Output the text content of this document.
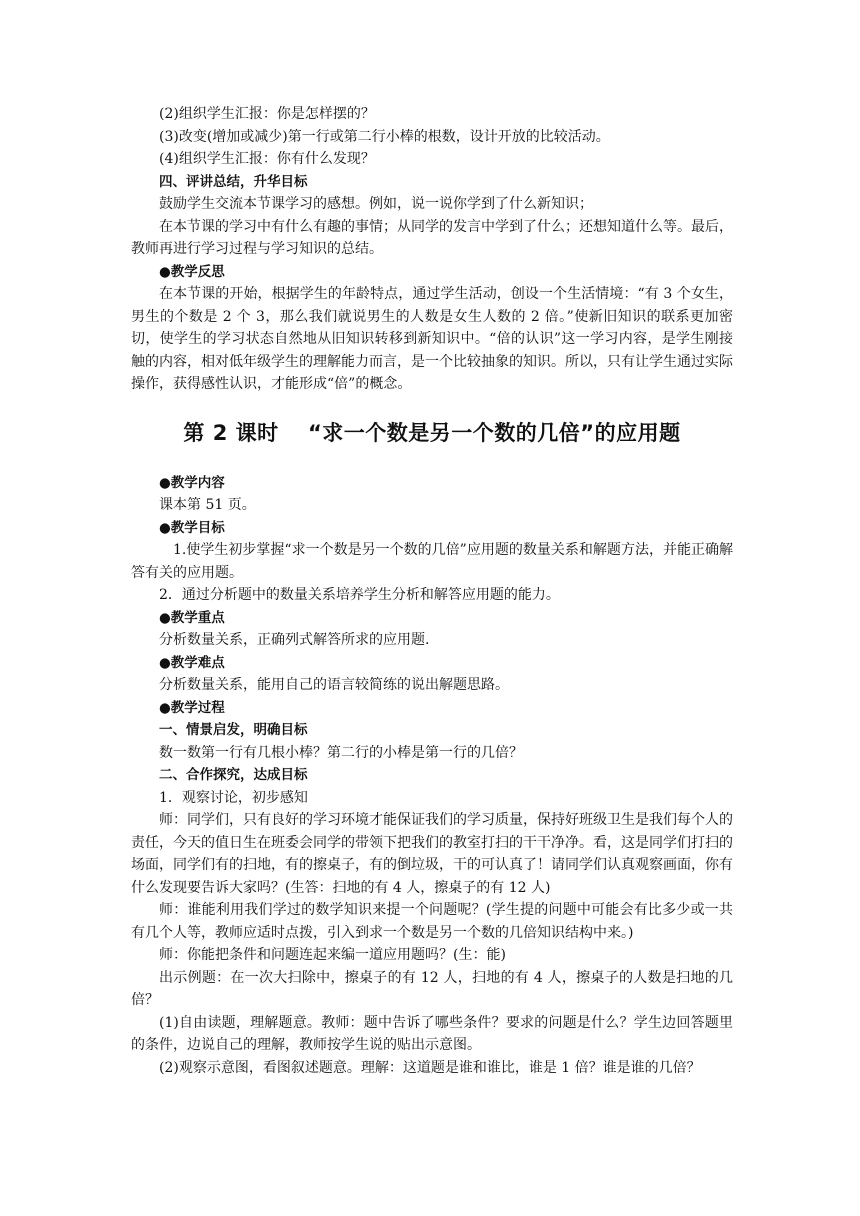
(2)组织学生汇报：你是怎样摆的？

(3)改变(增加或减少)第一行或第二行小棒的根数，设计开放的比较活动。

(4)组织学生汇报：你有什么发现？

四、评讲总结，升华目标

鼓励学生交流本节课学习的感想。例如，说一说你学到了什么新知识；

在本节课的学习中有什么有趣的事情；从同学的发言中学到了什么；还想知道什么等。最后，教师再进行学习过程与学习知识的总结。

●教学反思

在本节课的开始，根据学生的年龄特点，通过学生活动，创设一个生活情境：“有 3 个女生，男生的个数是 2 个 3，那么我们就说男生的人数是女生人数的 2 倍。”使新旧知识的联系更加密切，使学生的学习状态自然地从旧知识转移到新知识中。“倍的认识”这一学习内容，是学生刚接触的内容，相对低年级学生的理解能力而言，是一个比较抽象的知识。所以，只有让学生通过实际操作，获得感性认识，才能形成“倍”的概念。

第 2 课时　 “求一个数是另一个数的几倍”的应用题

●教学内容

课本第 51 页。

●教学目标

1.使学生初步掌握“求一个数是另一个数的几倍”应用题的数量关系和解题方法，并能正确解答有关的应用题。

2．通过分析题中的数量关系培养学生分析和解答应用题的能力。

●教学重点

分析数量关系，正确列式解答所求的应用题.

●教学难点

分析数量关系，能用自己的语言较简练的说出解题思路。

●教学过程

一、情景启发，明确目标

数一数第一行有几根小棒？第二行的小棒是第一行的几倍？

二、合作探究，达成目标

1．观察讨论，初步感知

师：同学们，只有良好的学习环境才能保证我们的学习质量，保持好班级卫生是我们每个人的责任，今天的值日生在班委会同学的带领下把我们的教室打扫的干干净净。看，这是同学们打扫的场面，同学们有的扫地，有的擦桌子，有的倒垃圾，干的可认真了！请同学们认真观察画面，你有什么发现要告诉大家吗？(生答：扫地的有 4 人，擦桌子的有 12 人)

师：谁能利用我们学过的数学知识来提一个问题呢？(学生提的问题中可能会有比多少或一共有几个人等，教师应适时点拨，引入到求一个数是另一个数的几倍知识结构中来。)

师：你能把条件和问题连起来编一道应用题吗？(生：能)

出示例题：在一次大扫除中，擦桌子的有 12 人，扫地的有 4 人，擦桌子的人数是扫地的几倍？

(1)自由读题，理解题意。教师：题中告诉了哪些条件？要求的问题是什么？学生边回答题里的条件，边说自己的理解，教师按学生说的贴出示意图。

(2)观察示意图，看图叙述题意。理解：这道题是谁和谁比，谁是 1 倍？谁是谁的几倍？
